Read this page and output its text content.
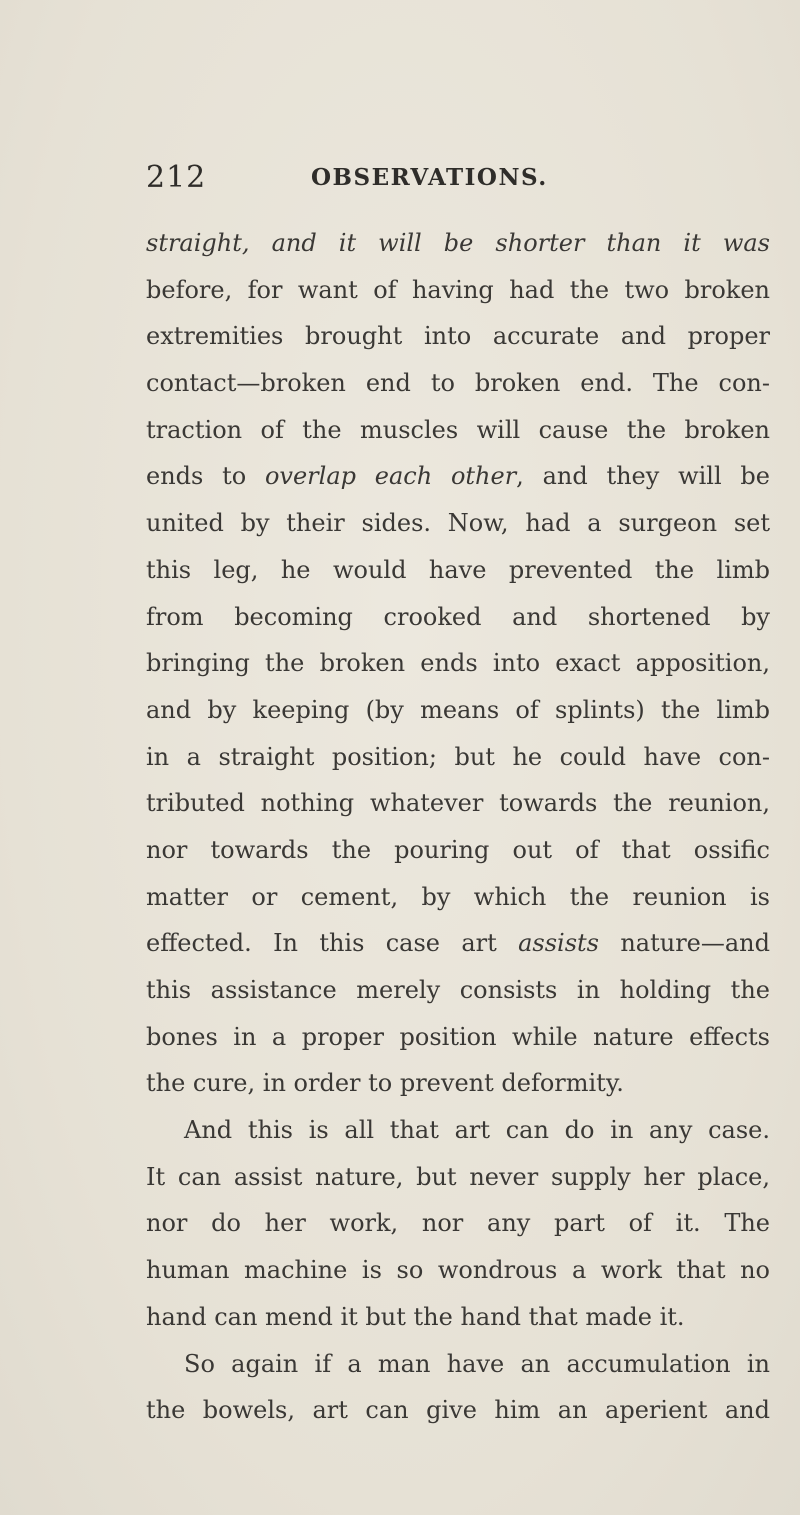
212	OBSERVATIONS.
straight, and it will be shorter than it was
before, for want of having had the two broken
extremities brought into accurate and proper
contact—broken end to broken end. The con-
traction of the muscles will cause the broken
ends to overlap each other, and they will be
united by their sides. Now, had a surgeon set
this leg, he would have prevented the limb
from becoming crooked and shortened by
bringing the broken ends into exact apposition,
and by keeping (by means of splints) the limb
in a straight position; but he could have con-
tributed nothing whatever towards the reunion,
nor towards the pouring out of that ossific
matter or cement, by which the reunion is
effected. In this case art assists nature—and
this assistance merely consists in holding the
bones in a proper position while nature effects
the cure, in order to prevent deformity.
And this is all that art can do in any case.
It can assist nature, but never supply her place,
nor do her work, nor any part of it. The
human machine is so wondrous a work that no
hand can mend it but the hand that made it.
So again if a man have an accumulation in
the bowels, art can give him an aperient and
